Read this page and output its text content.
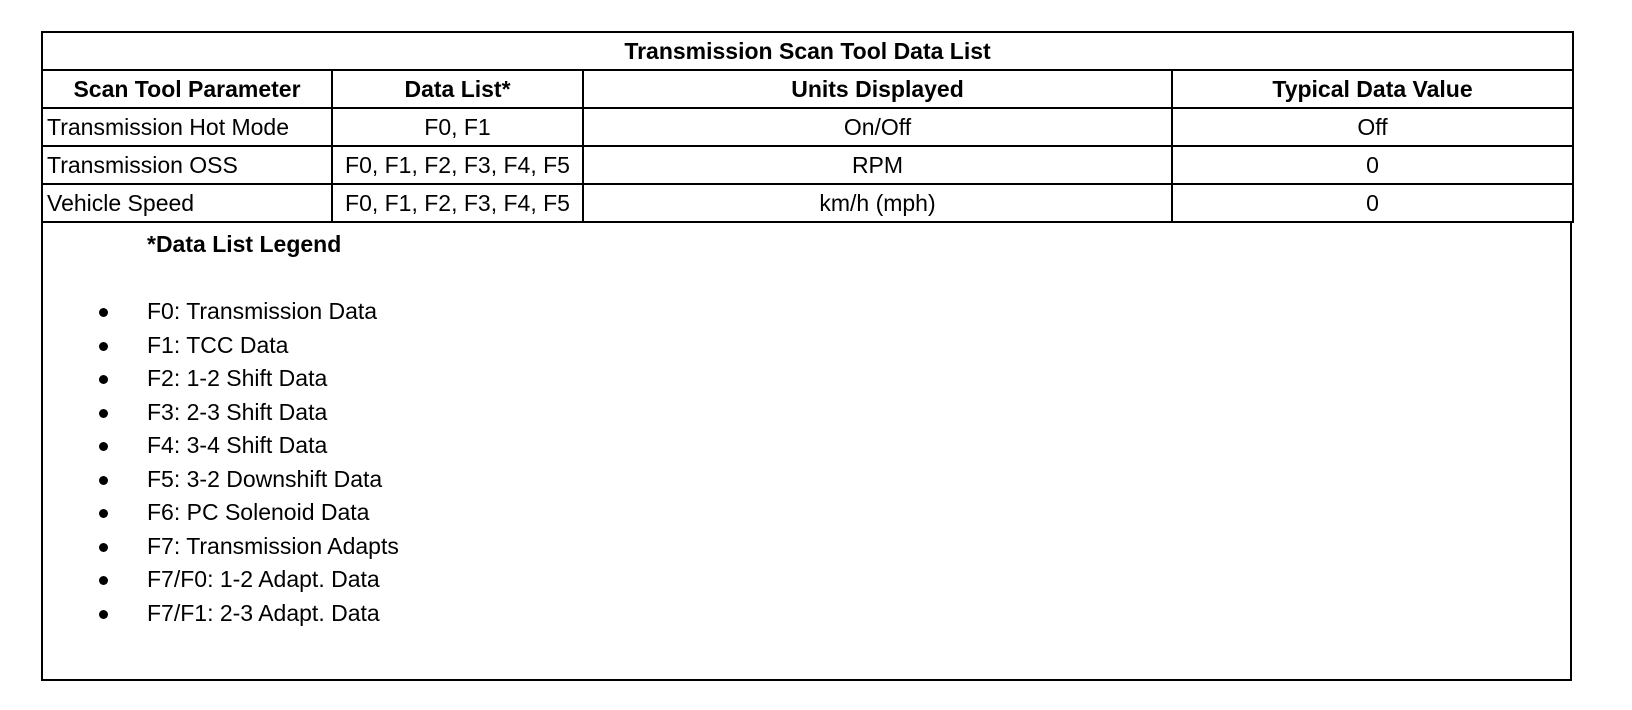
Transmission Scan Tool Data List			
Scan Tool Parameter	Data List*	Units Displayed	Typical Data Value
Transmission Hot Mode	F0, F1	On/Off	Off
Transmission OSS	F0, F1, F2, F3, F4, F5	RPM	0
Vehicle Speed	F0, F1, F2, F3, F4, F5	km/h (mph)	0
*Data List Legend
F0: Transmission Data
F1: TCC Data
F2: 1-2 Shift Data
F3: 2-3 Shift Data
F4: 3-4 Shift Data
F5: 3-2 Downshift Data
F6: PC Solenoid Data
F7: Transmission Adapts
F7/F0: 1-2 Adapt. Data
F7/F1: 2-3 Adapt. Data
